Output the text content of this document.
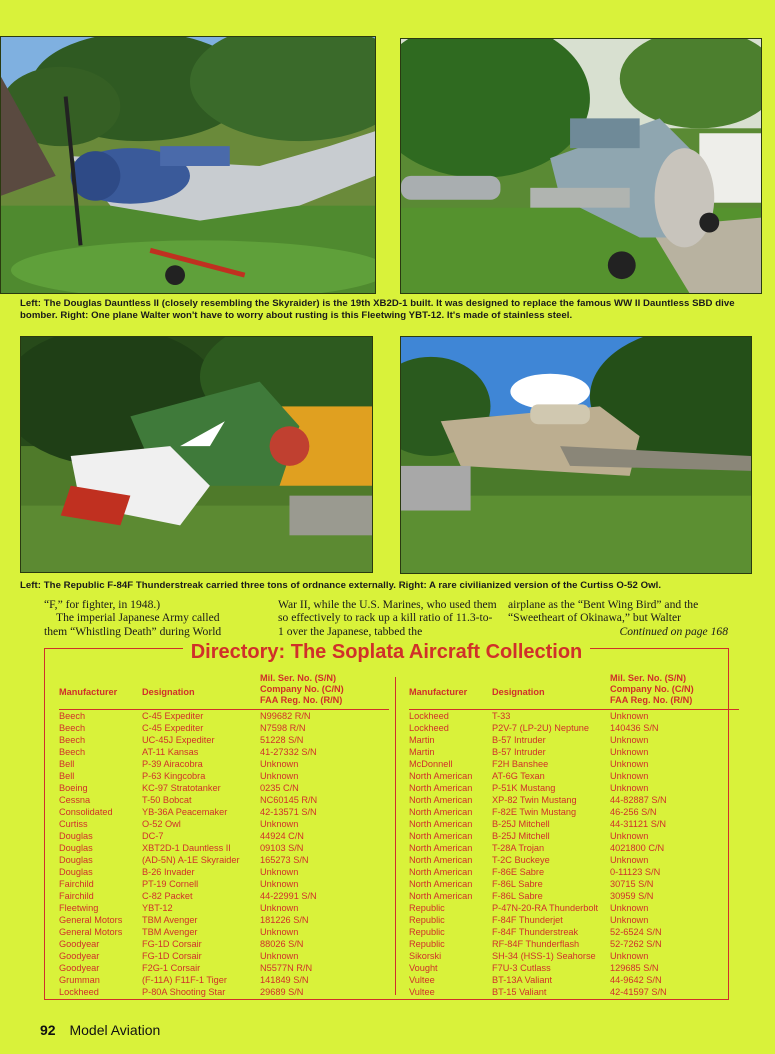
Left: The Douglas Dauntless II (closely resembling the Skyraider) is the 19th XB2D-1 built. It was designed to replace the famous WW II Dauntless SBD dive bomber. Right: One plane Walter won't have to worry about rusting is this Fleetwing YBT-12. It's made of stainless steel.
Left: The Republic F-84F Thunderstreak carried three tons of ordnance externally. Right: A rare civilianized version of the Curtiss O-52 Owl.
“F,” for fighter, in 1948.)
The imperial Japanese Army called them “Whistling Death” during World
War II, while the U.S. Marines, who used them so effectively to rack up a kill ratio of 11.3-to-1 over the Japanese, tabbed the
airplane as the “Bent Wing Bird” and the “Sweetheart of Okinawa,” but Walter
Continued on page 168
Directory: The Soplata Aircraft Collection
Manufacturer	Designation
Mil. Ser. No. (S/N)
Company No. (C/N)
FAA Reg. No. (R/N)
Beech	C-45 Expediter	N99682 R/N
Beech	C-45 Expediter	N7598 R/N
Beech	UC-45J Expediter	51228 S/N
Beech	AT-11 Kansas	41-27332 S/N
Bell	P-39 Airacobra	Unknown
Bell	P-63 Kingcobra	Unknown
Boeing	KC-97 Stratotanker	0235 C/N
Cessna	T-50 Bobcat	NC60145 R/N
Consolidated	YB-36A Peacemaker	42-13571 S/N
Curtiss	O-52 Owl	Unknown
Douglas	DC-7	44924 C/N
Douglas	XBT2D-1 Dauntless II	09103 S/N
Douglas	(AD-5N) A-1E Skyraider 165273 S/N
Douglas	B-26 Invader	Unknown
Fairchild	PT-19 Cornell	Unknown
Fairchild	C-82 Packet	44-22991 S/N
Fleetwing	YBT-12	Unknown
General Motors TBM Avenger	181226 S/N
General Motors TBM Avenger	Unknown
Goodyear	FG-1D Corsair	88026 S/N
Goodyear	FG-1D Corsair	Unknown
Goodyear	F2G-1 Corsair	N5577N R/N
Grumman	(F-11A) F11F-1 Tiger	141849 S/N
Lockheed	P-80A Shooting Star	29689 S/N
Manufacturer	Designation
Mil. Ser. No. (S/N)
Company No. (C/N)
FAA Reg. No. (R/N)
Lockheed	T-33	Unknown
Lockheed	P2V-7 (LP-2U) Neptune 140436 S/N
Martin	B-57 Intruder	Unknown
Martin	B-57 Intruder	Unknown
McDonnell	F2H Banshee	Unknown
North American AT-6G Texan	Unknown
North American P-51K Mustang	Unknown
North American XP-82 Twin Mustang	44-82887 S/N
North American F-82E Twin Mustang	46-256 S/N
North American B-25J Mitchell	44-31121 S/N
North American B-25J Mitchell	Unknown
North American T-28A Trojan	4021800 C/N
North American T-2C Buckeye	Unknown
North American F-86E Sabre	0-11123 S/N
North American F-86L Sabre	30715 S/N
North American F-86L Sabre	30959 S/N
Republic	P-47N-20-RA Thunderbolt Unknown
Republic	F-84F Thunderjet	Unknown
Republic	F-84F Thunderstreak	52-6524 S/N
Republic	RF-84F Thunderflash	52-7262 S/N
Sikorski	SH-34 (HSS-1) Seahorse Unknown
Vought	F7U-3 Cutlass	129685 S/N
Vultee	BT-13A Valiant	44-9642 S/N
Vultee	BT-15 Valiant	42-41597 S/N
92 Model Aviation
